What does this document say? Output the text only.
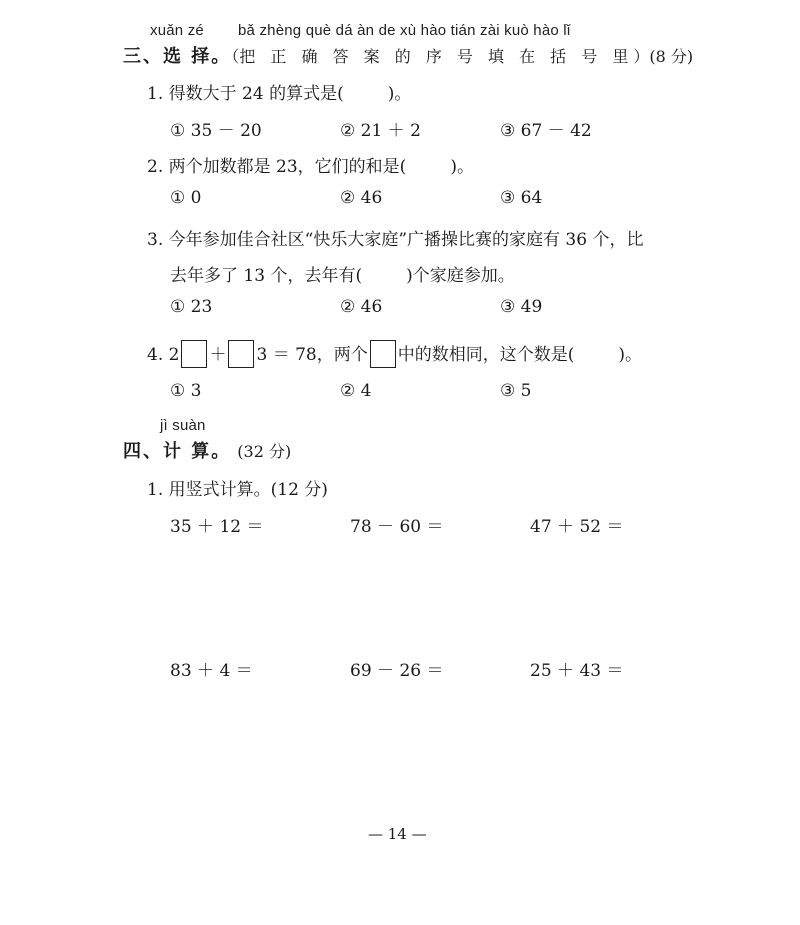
xuǎn zé bǎ zhèng què dá àn de xù hào tián zài kuò hào lǐ
三、选 择。（把 正 确 答 案 的 序 号 填 在 括 号 里）(8 分)
1. 得数大于 24 的算式是(	)。
① 35 － 20	② 21 ＋ 2	③ 67 － 42
2. 两个加数都是 23，它们的和是(	)。
① 0	② 46	③ 64
3. 今年参加佳合社区“快乐大家庭”广播操比赛的家庭有 36 个，比
去年多了 13 个，去年有(	)个家庭参加。
① 23	② 46	③ 49
4. 2 ＋ 3 ＝ 78，两个 中的数相同，这个数是(	)。
① 3	② 4	③ 5
jì suàn
四、计 算。 (32 分)
1. 用竖式计算。(12 分)
35 ＋ 12 ＝	78 － 60 ＝	47 ＋ 52 ＝
83 ＋ 4 ＝	69 － 26 ＝	25 ＋ 43 ＝
— 14 —
